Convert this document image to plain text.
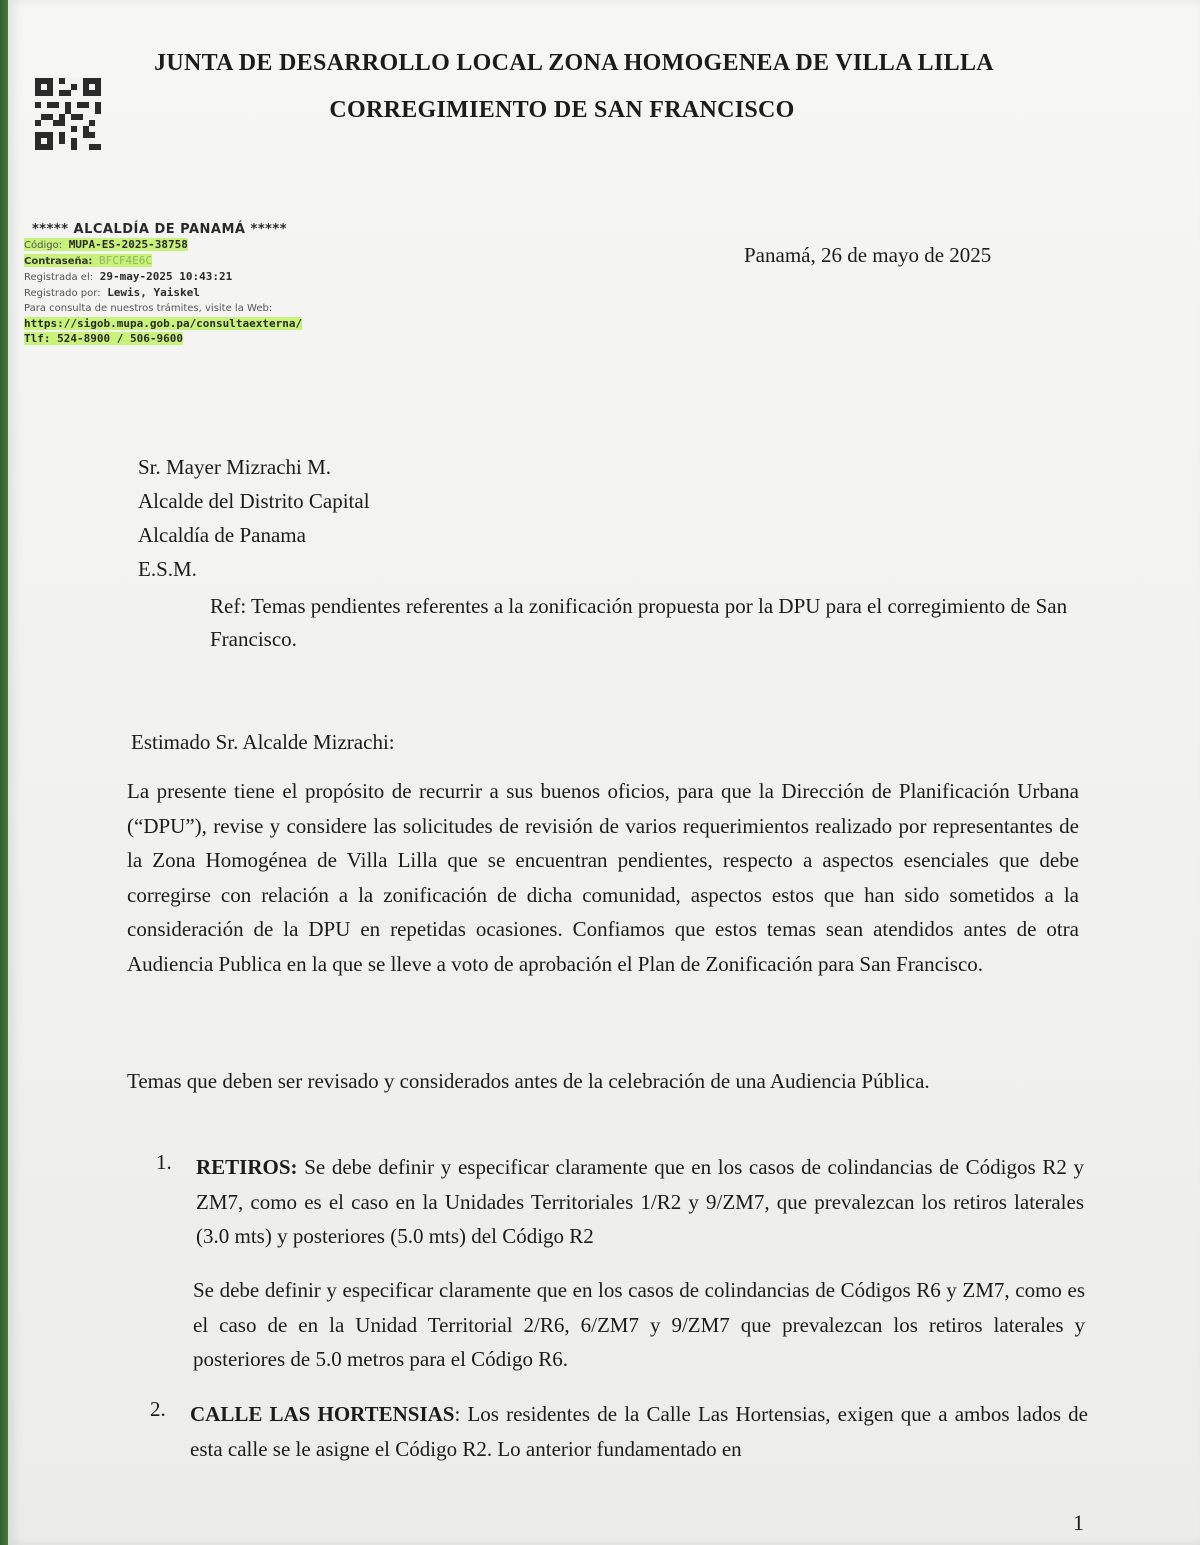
JUNTA DE DESARROLLO LOCAL ZONA HOMOGENEA DE VILLA LILLA
CORREGIMIENTO DE SAN FRANCISCO
***** ALCALDÍA DE PANAMÁ *****
Código: MUPA-ES-2025-38758
Contraseña: BFCF4E6C
Registrada el: 29-may-2025 10:43:21
Registrado por: Lewis, Yaiskel
Para consulta de nuestros trámites, visite la Web:
https://sigob.mupa.gob.pa/consultaexterna/
Tlf: 524-8900 / 506-9600
Panamá, 26 de mayo de 2025
Sr. Mayer Mizrachi M.
Alcalde del Distrito Capital
Alcaldía de Panama
E.S.M.
Ref: Temas pendientes referentes a la zonificación propuesta por la DPU para el corregimiento de San Francisco.
Estimado Sr. Alcalde Mizrachi:
La presente tiene el propósito de recurrir a sus buenos oficios, para que la Dirección de Planificación Urbana (“DPU”), revise y considere las solicitudes de revisión de varios requerimientos realizado por representantes de la Zona Homogénea de Villa Lilla que se encuentran pendientes, respecto a aspectos esenciales que debe corregirse con relación a la zonificación de dicha comunidad, aspectos estos que han sido sometidos a la consideración de la DPU en repetidas ocasiones. Confiamos que estos temas sean atendidos antes de otra Audiencia Publica en la que se lleve a voto de aprobación el Plan de Zonificación para San Francisco.
Temas que deben ser revisado y considerados antes de la celebración de una Audiencia Pública.
1. RETIROS: Se debe definir y especificar claramente que en los casos de colindancias de Códigos R2 y ZM7, como es el caso en la Unidades Territoriales 1/R2 y 9/ZM7, que prevalezcan los retiros laterales (3.0 mts) y posteriores (5.0 mts) del Código R2
Se debe definir y especificar claramente que en los casos de colindancias de Códigos R6 y ZM7, como es el caso de en la Unidad Territorial 2/R6, 6/ZM7 y 9/ZM7 que prevalezcan los retiros laterales y posteriores de 5.0 metros para el Código R6.
2. CALLE LAS HORTENSIAS: Los residentes de la Calle Las Hortensias, exigen que a ambos lados de esta calle se le asigne el Código R2. Lo anterior fundamentado en
1
